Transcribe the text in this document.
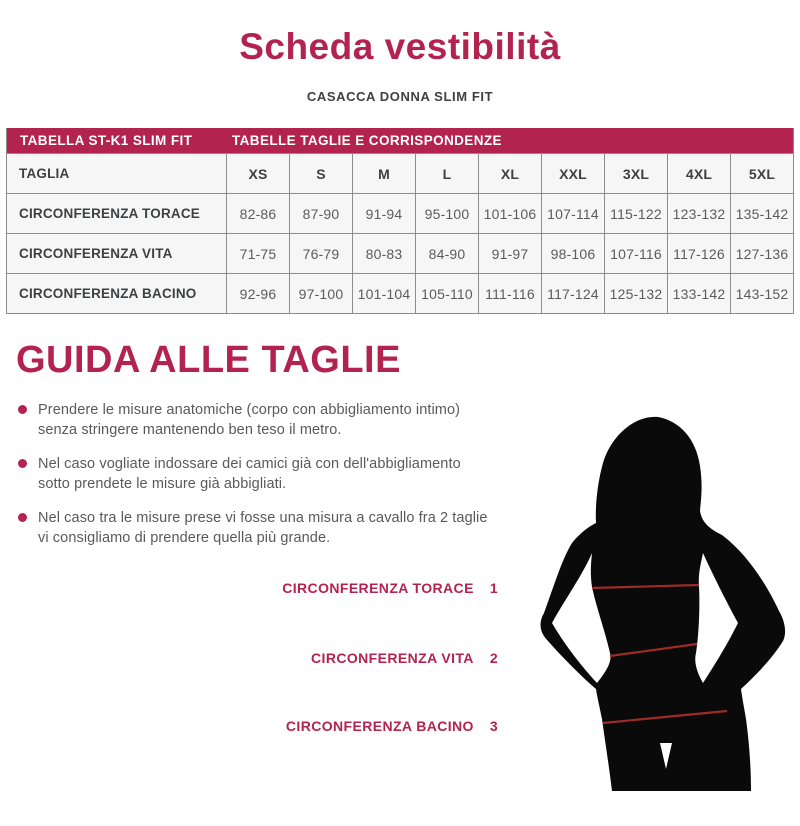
Scheda vestibilità
CASACCA DONNA SLIM FIT
TABELLA ST-K1 SLIM FIT	TABELLE TAGLIE E CORRISPONDENZE
TAGLIA	XS	S	M	L	XL	XXL	3XL	4XL	5XL
CIRCONFERENZA TORACE	82-86	87-90	91-94	95-100	101-106 107-114 115-122 123-132 135-142
CIRCONFERENZA VITA	71-75	76-79	80-83	84-90	91-97	98-106	107-116 117-126 127-136
CIRCONFERENZA BACINO	92-96	97-100	101-104 105-110 111-116 117-124 125-132 133-142 143-152
GUIDA ALLE TAGLIE
Prendere le misure anatomiche (corpo con abbigliamento intimo) senza stringere mantenendo ben teso il metro.
Nel caso vogliate indossare dei camici già con dell'abbigliamento sotto prendete le misure già abbigliati.
Nel caso tra le misure prese vi fosse una misura a cavallo fra 2 taglie vi consigliamo di prendere quella più grande.
CIRCONFERENZA TORACE 1
CIRCONFERENZA VITA 2
CIRCONFERENZA BACINO 3
